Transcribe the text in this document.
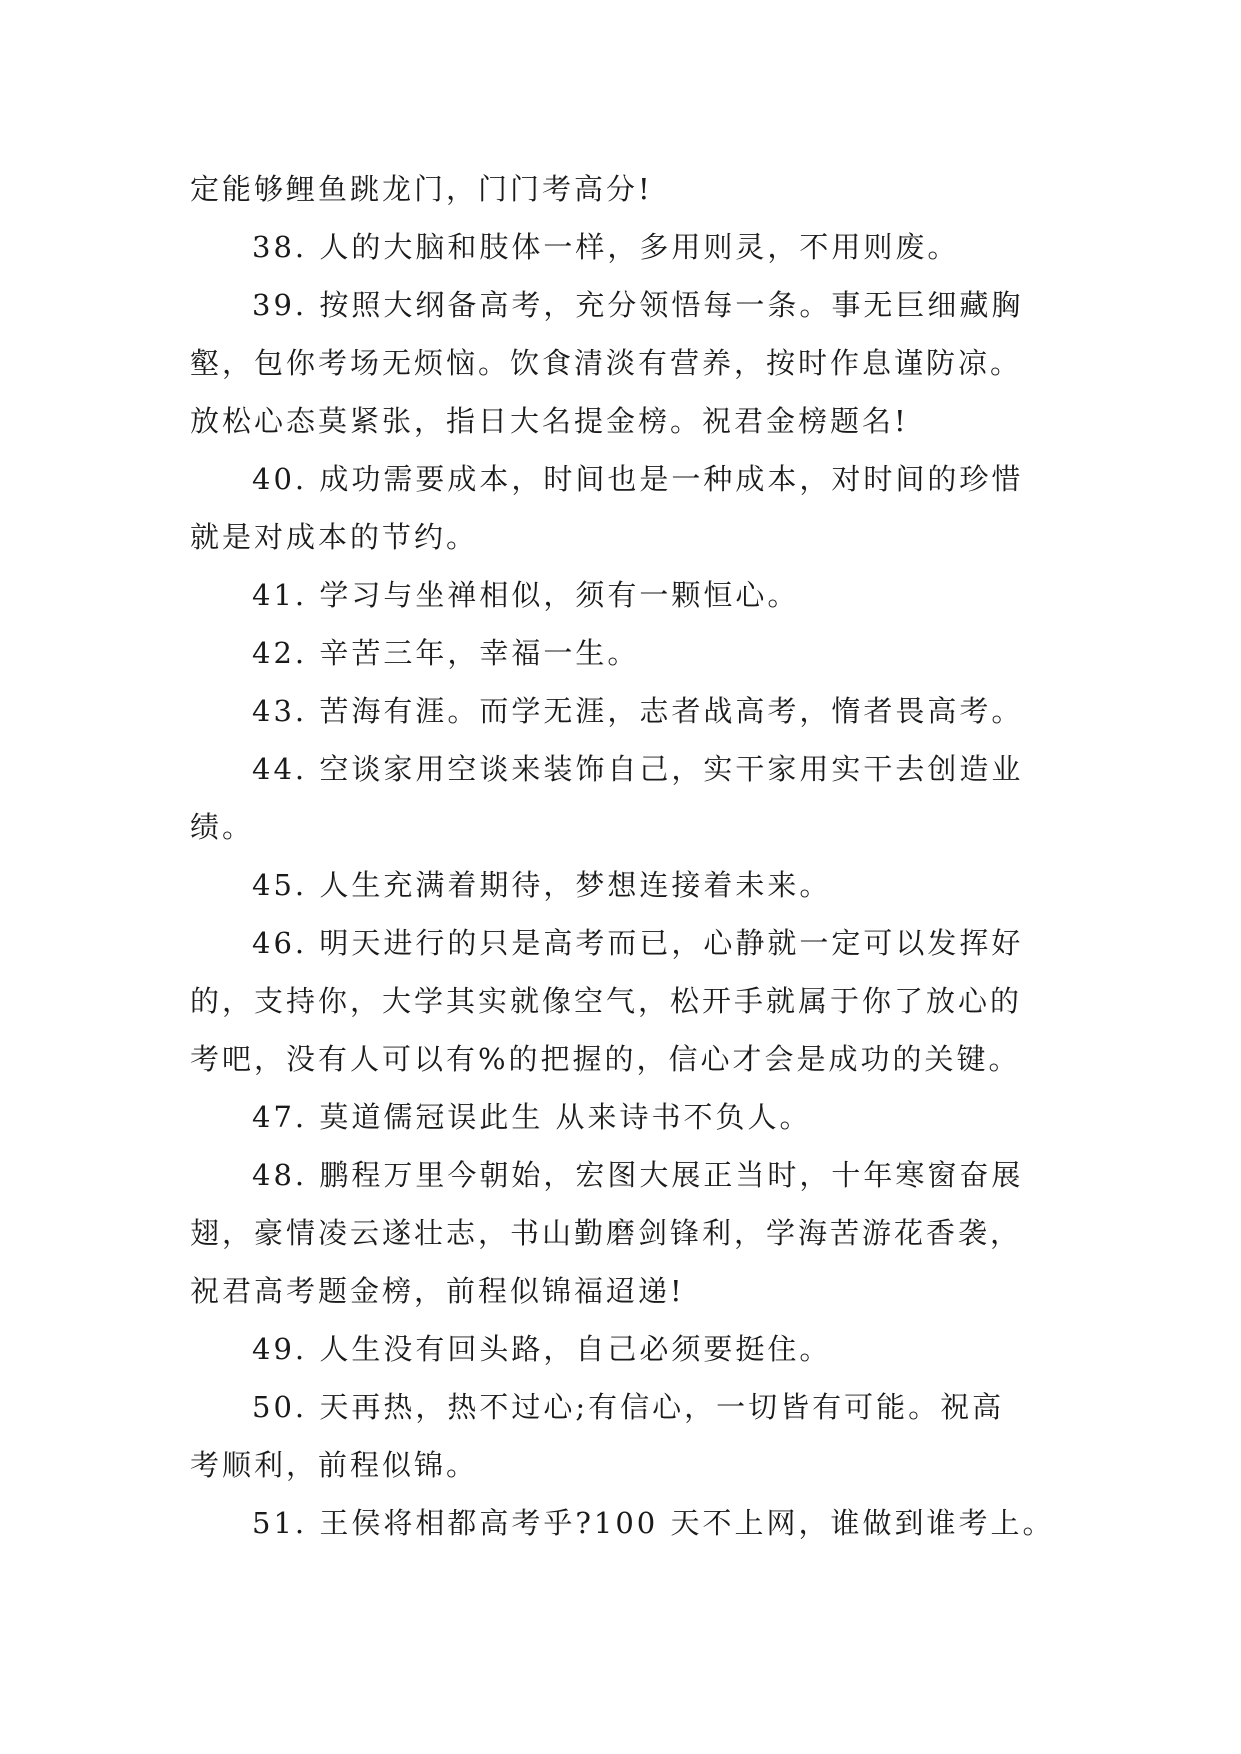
定能够鲤鱼跳龙门，门门考高分!
38. 人的大脑和肢体一样，多用则灵，不用则废。
39. 按照大纲备高考，充分领悟每一条。事无巨细藏胸
壑，包你考场无烦恼。饮食清淡有营养，按时作息谨防凉。
放松心态莫紧张，指日大名提金榜。祝君金榜题名!
40. 成功需要成本，时间也是一种成本，对时间的珍惜
就是对成本的节约。
41. 学习与坐禅相似，须有一颗恒心。
42. 辛苦三年，幸福一生。
43. 苦海有涯。而学无涯，志者战高考，惰者畏高考。
44. 空谈家用空谈来装饰自己，实干家用实干去创造业
绩。
45. 人生充满着期待，梦想连接着未来。
46. 明天进行的只是高考而已，心静就一定可以发挥好
的，支持你，大学其实就像空气，松开手就属于你了放心的
考吧，没有人可以有%的把握的，信心才会是成功的关键。
47. 莫道儒冠误此生 从来诗书不负人。
48. 鹏程万里今朝始，宏图大展正当时，十年寒窗奋展
翅，豪情凌云遂壮志，书山勤磨剑锋利，学海苦游花香袭，
祝君高考题金榜，前程似锦福迢递!
49. 人生没有回头路，自己必须要挺住。
50. 天再热，热不过心;有信心，一切皆有可能。祝高
考顺利，前程似锦。
51. 王侯将相都高考乎?100 天不上网，谁做到谁考上。
